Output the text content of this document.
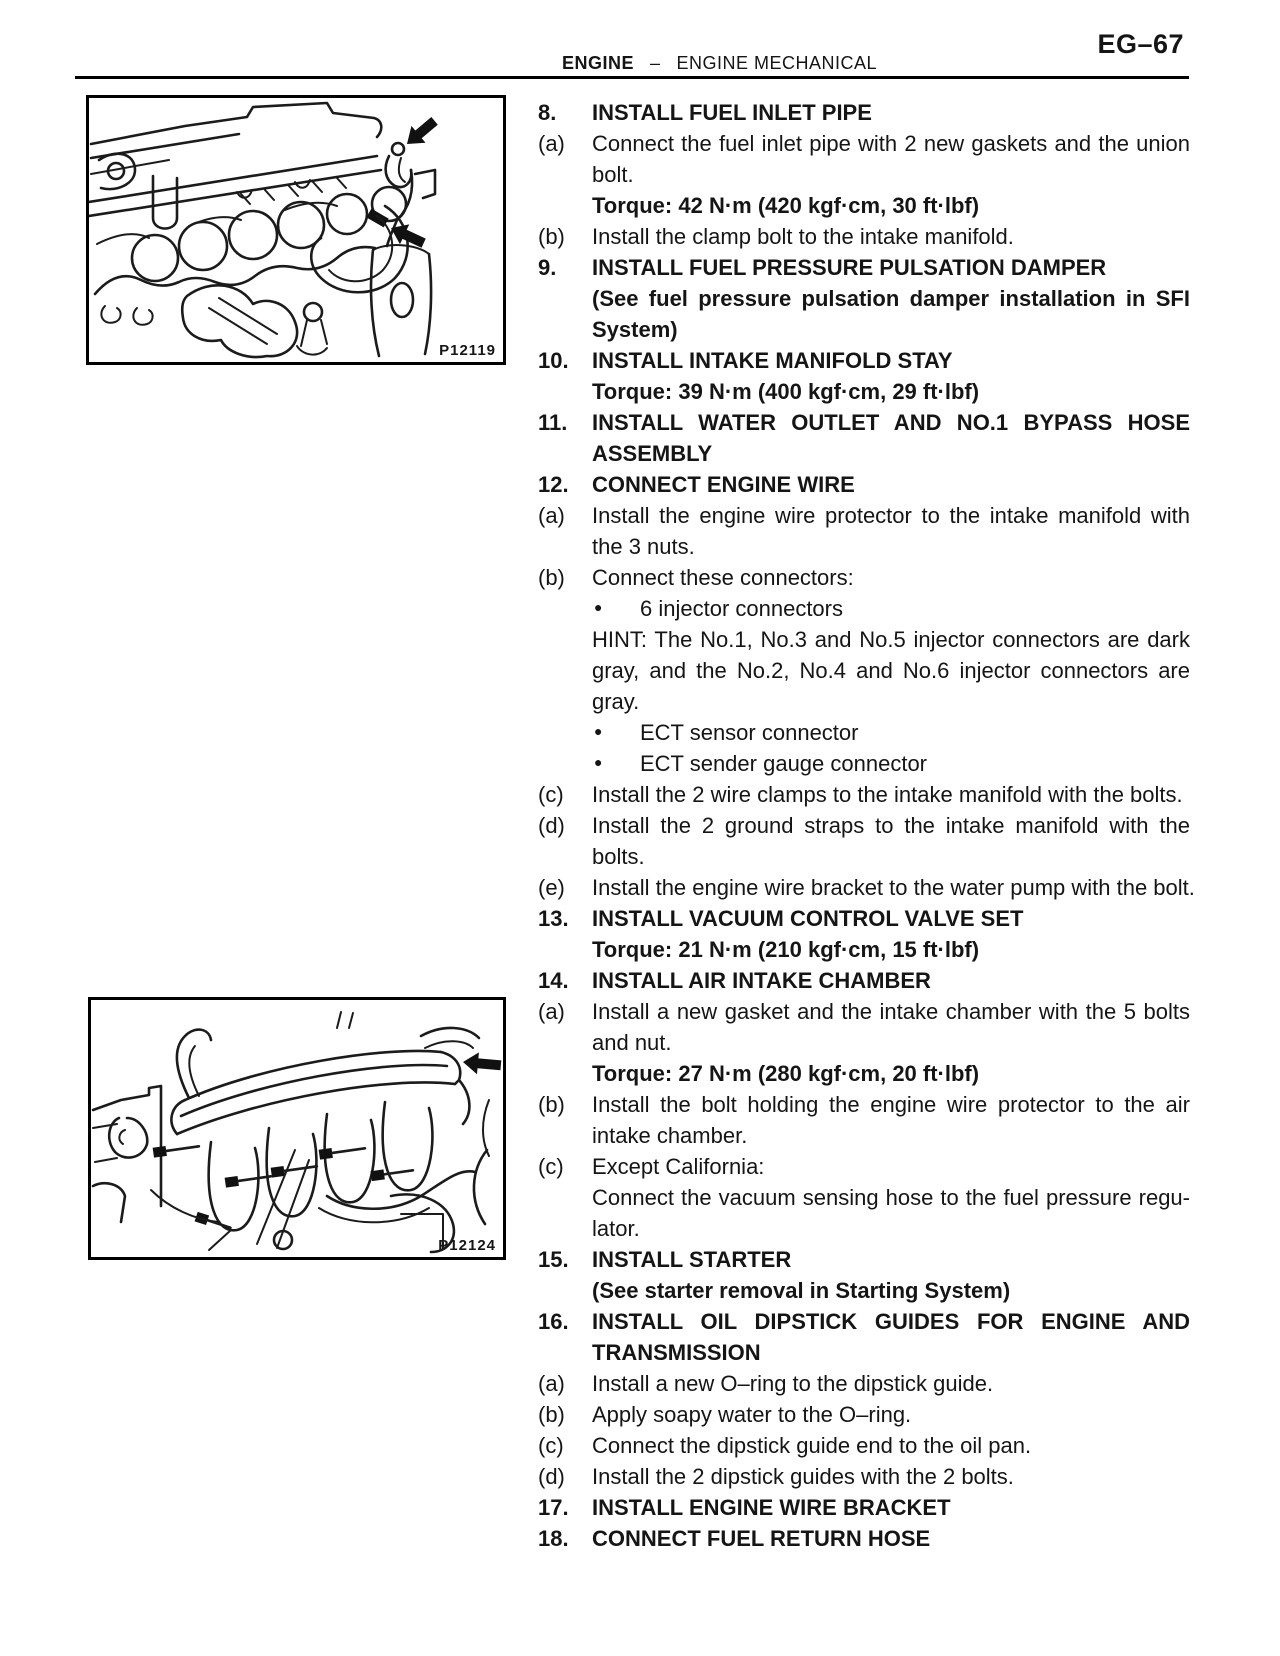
EG–67
ENGINE – ENGINE MECHANICAL
P12119
P12124
8. INSTALL FUEL INLET PIPE
(a) Connect the fuel inlet pipe with 2 new gaskets and the union
bolt.
Torque: 42 N·m (420 kgf·cm, 30 ft·lbf)
(b) Install the clamp bolt to the intake manifold.
9. INSTALL FUEL PRESSURE PULSATION DAMPER
(See fuel pressure pulsation damper installation in SFI
System)
10. INSTALL INTAKE MANIFOLD STAY
Torque: 39 N·m (400 kgf·cm, 29 ft·lbf)
11. INSTALL WATER OUTLET AND NO.1 BYPASS HOSE
ASSEMBLY
12. CONNECT ENGINE WIRE
(a) Install the engine wire protector to the intake manifold with
the 3 nuts.
(b) Connect these connectors:
● 6 injector connectors
HINT: The No.1, No.3 and No.5 injector connectors are dark
gray, and the No.2, No.4 and No.6 injector connectors are
gray.
● ECT sensor connector
● ECT sender gauge connector
(c) Install the 2 wire clamps to the intake manifold with the bolts.
(d) Install the 2 ground straps to the intake manifold with the
bolts.
(e) Install the engine wire bracket to the water pump with the bolt.
13. INSTALL VACUUM CONTROL VALVE SET
Torque: 21 N·m (210 kgf·cm, 15 ft·lbf)
14. INSTALL AIR INTAKE CHAMBER
(a) Install a new gasket and the intake chamber with the 5 bolts
and nut.
Torque: 27 N·m (280 kgf·cm, 20 ft·lbf)
(b) Install the bolt holding the engine wire protector to the air
intake chamber.
(c) Except California:
Connect the vacuum sensing hose to the fuel pressure regu-
lator.
15. INSTALL STARTER
(See starter removal in Starting System)
16. INSTALL OIL DIPSTICK GUIDES FOR ENGINE AND
TRANSMISSION
(a) Install a new O–ring to the dipstick guide.
(b) Apply soapy water to the O–ring.
(c) Connect the dipstick guide end to the oil pan.
(d) Install the 2 dipstick guides with the 2 bolts.
17. INSTALL ENGINE WIRE BRACKET
18. CONNECT FUEL RETURN HOSE
